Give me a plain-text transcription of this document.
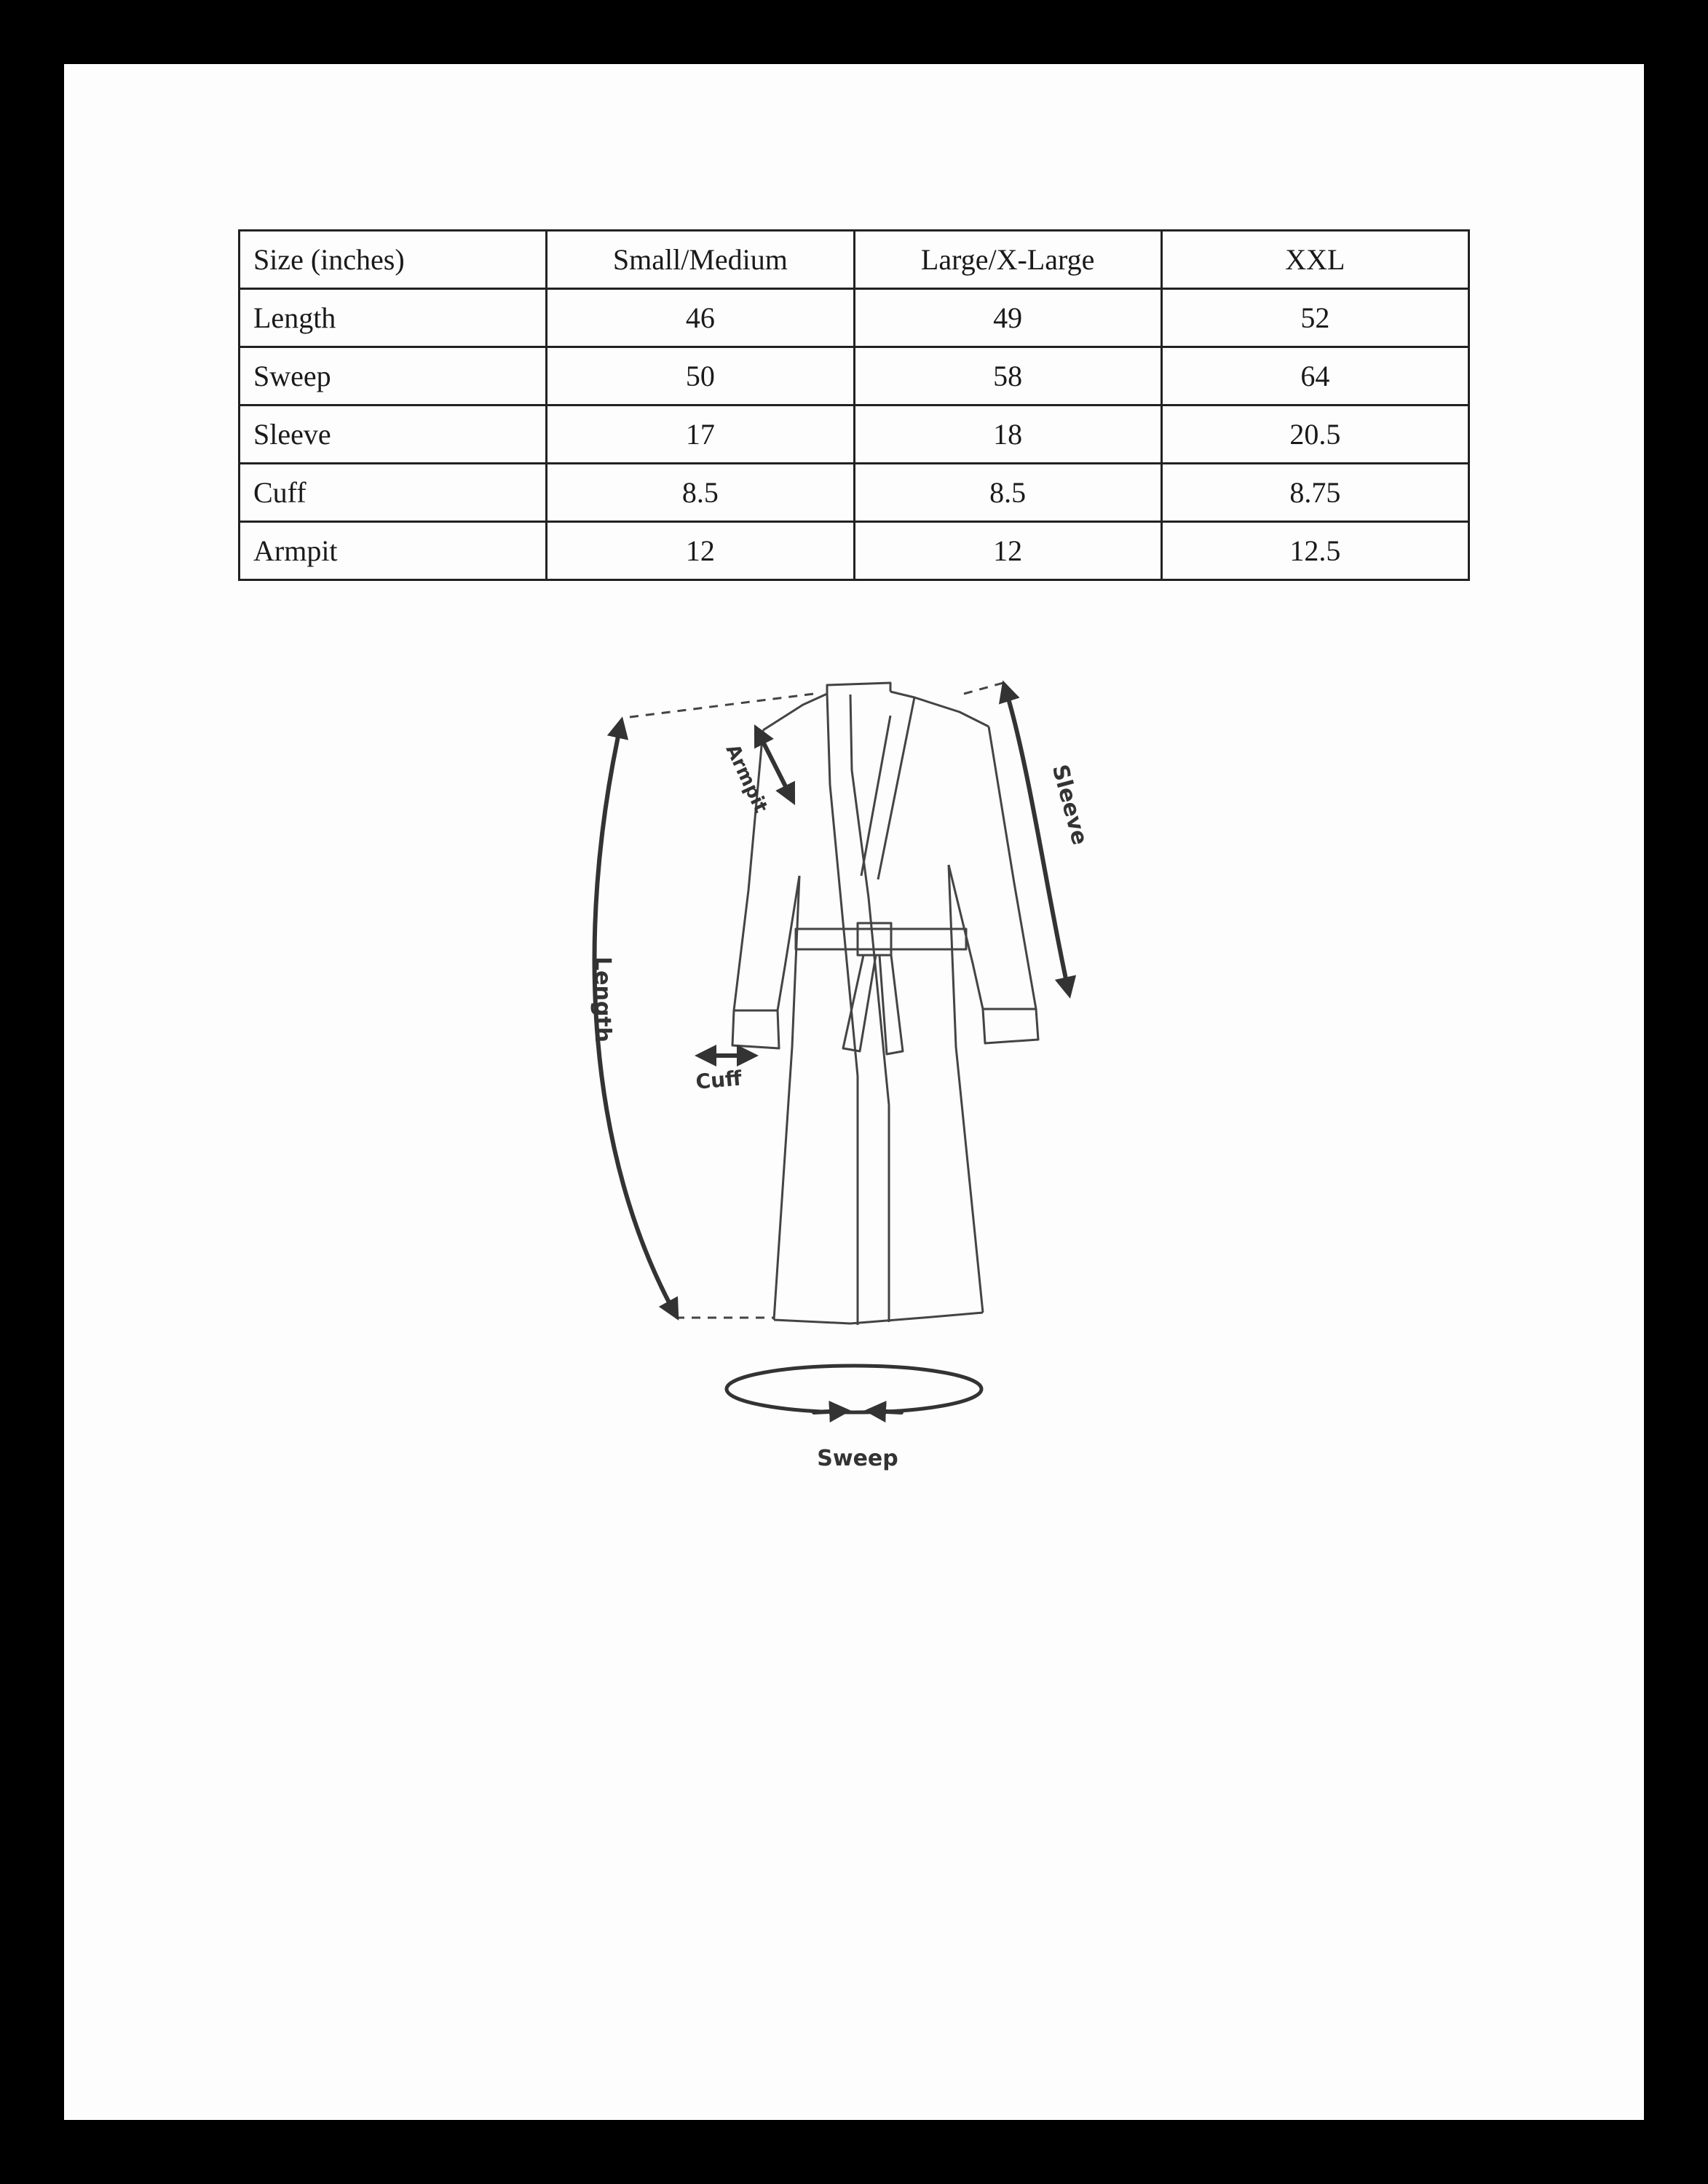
Size (inches)	Small/Medium	Large/X-Large	XXL
Length	46	49	52
Sweep	50	58	64
Sleeve	17	18	20.5
Cuff	8.5	8.5	8.75
Armpit	12	12	12.5
Length
Sleeve
Armpit
Cuff
Sweep
